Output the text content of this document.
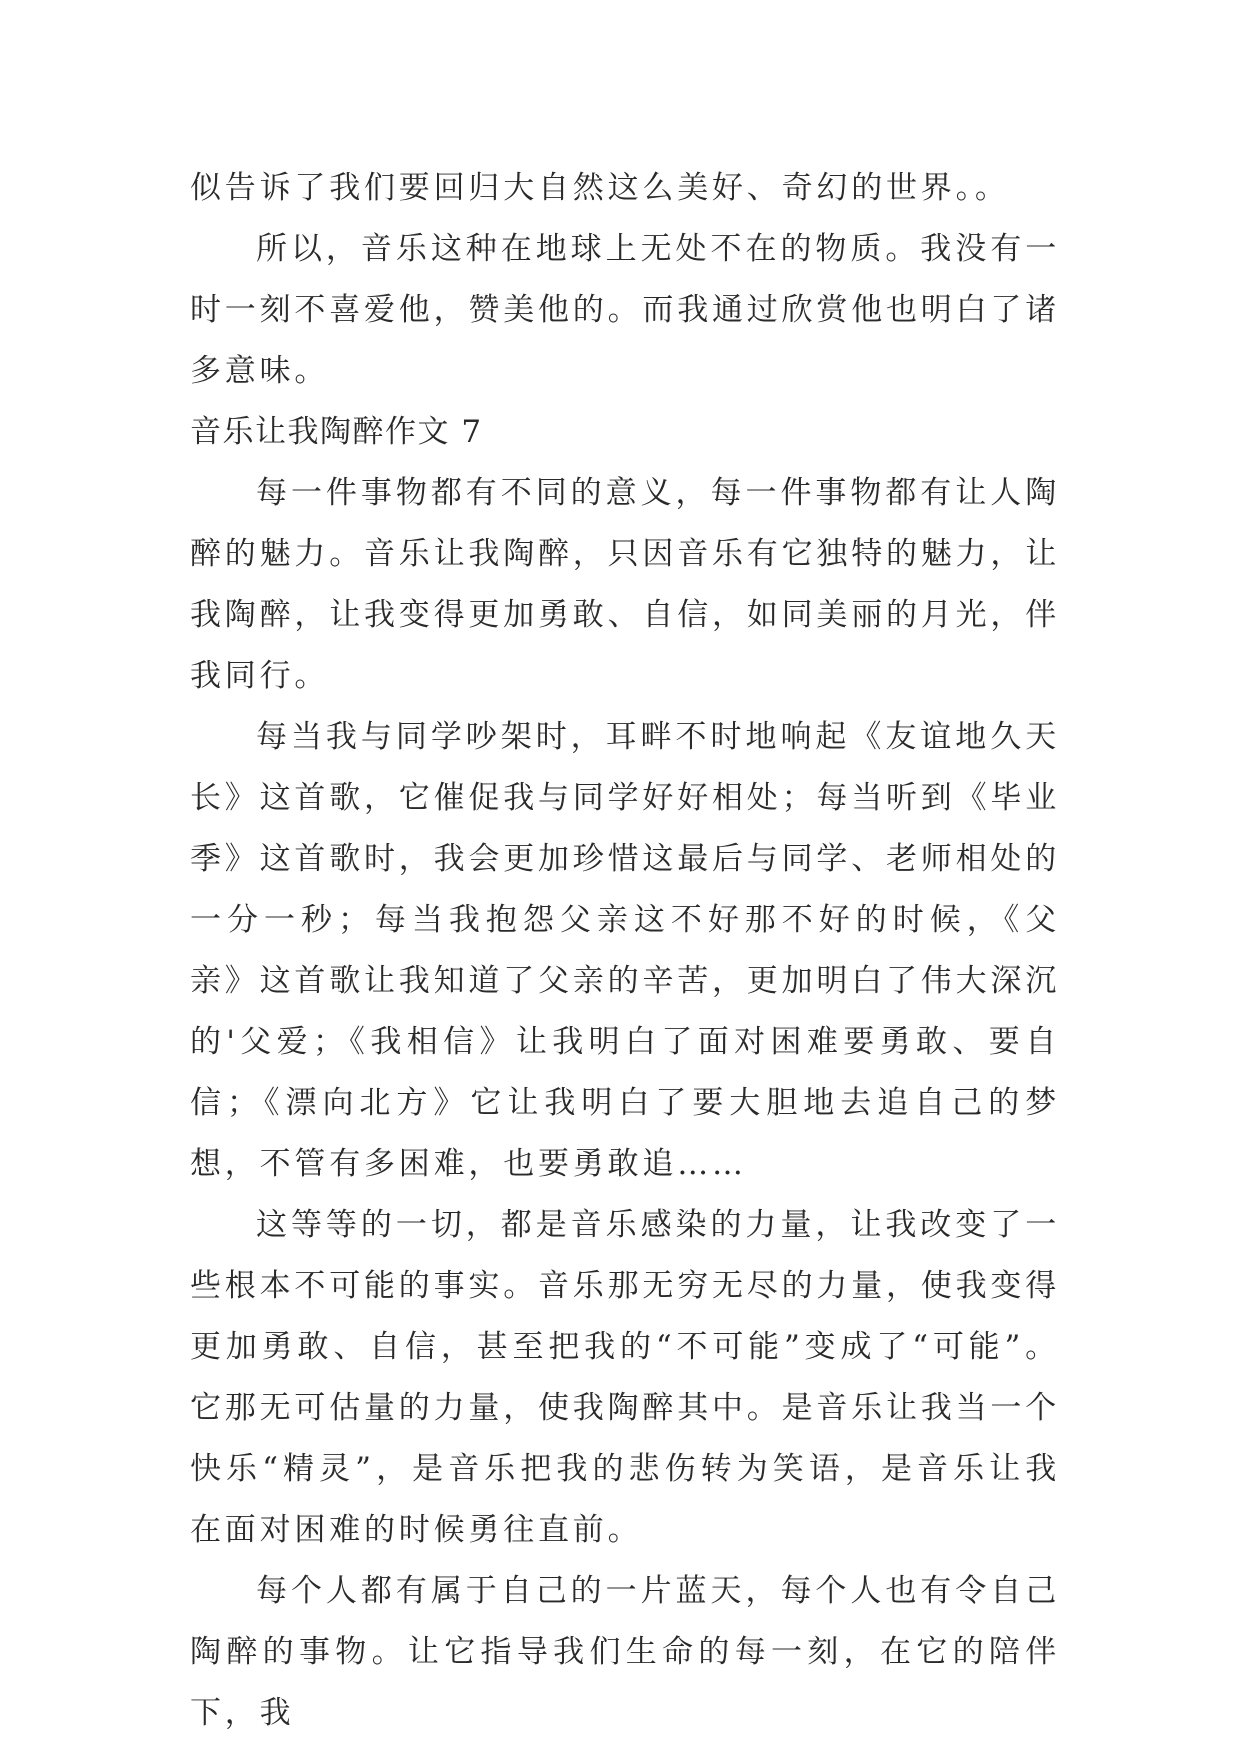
似告诉了我们要回归大自然这么美好、奇幻的世界。。

所以，音乐这种在地球上无处不在的物质。我没有一时一刻不喜爱他，赞美他的。而我通过欣赏他也明白了诸多意味。

音乐让我陶醉作文 7

每一件事物都有不同的意义，每一件事物都有让人陶醉的魅力。音乐让我陶醉，只因音乐有它独特的魅力，让我陶醉，让我变得更加勇敢、自信，如同美丽的月光，伴我同行。

每当我与同学吵架时，耳畔不时地响起《友谊地久天长》这首歌，它催促我与同学好好相处；每当听到《毕业季》这首歌时，我会更加珍惜这最后与同学、老师相处的一分一秒；每当我抱怨父亲这不好那不好的时候，《父亲》这首歌让我知道了父亲的辛苦，更加明白了伟大深沉的'父爱；《我相信》让我明白了面对困难要勇敢、要自信；《漂向北方》它让我明白了要大胆地去追自己的梦想，不管有多困难，也要勇敢追……

这等等的一切，都是音乐感染的力量，让我改变了一些根本不可能的事实。音乐那无穷无尽的力量，使我变得更加勇敢、自信，甚至把我的“不可能”变成了“可能”。它那无可估量的力量，使我陶醉其中。是音乐让我当一个快乐“精灵”，是音乐把我的悲伤转为笑语，是音乐让我在面对困难的时候勇往直前。

每个人都有属于自己的一片蓝天，每个人也有令自己陶醉的事物。让它指导我们生命的每一刻，在它的陪伴下，我
